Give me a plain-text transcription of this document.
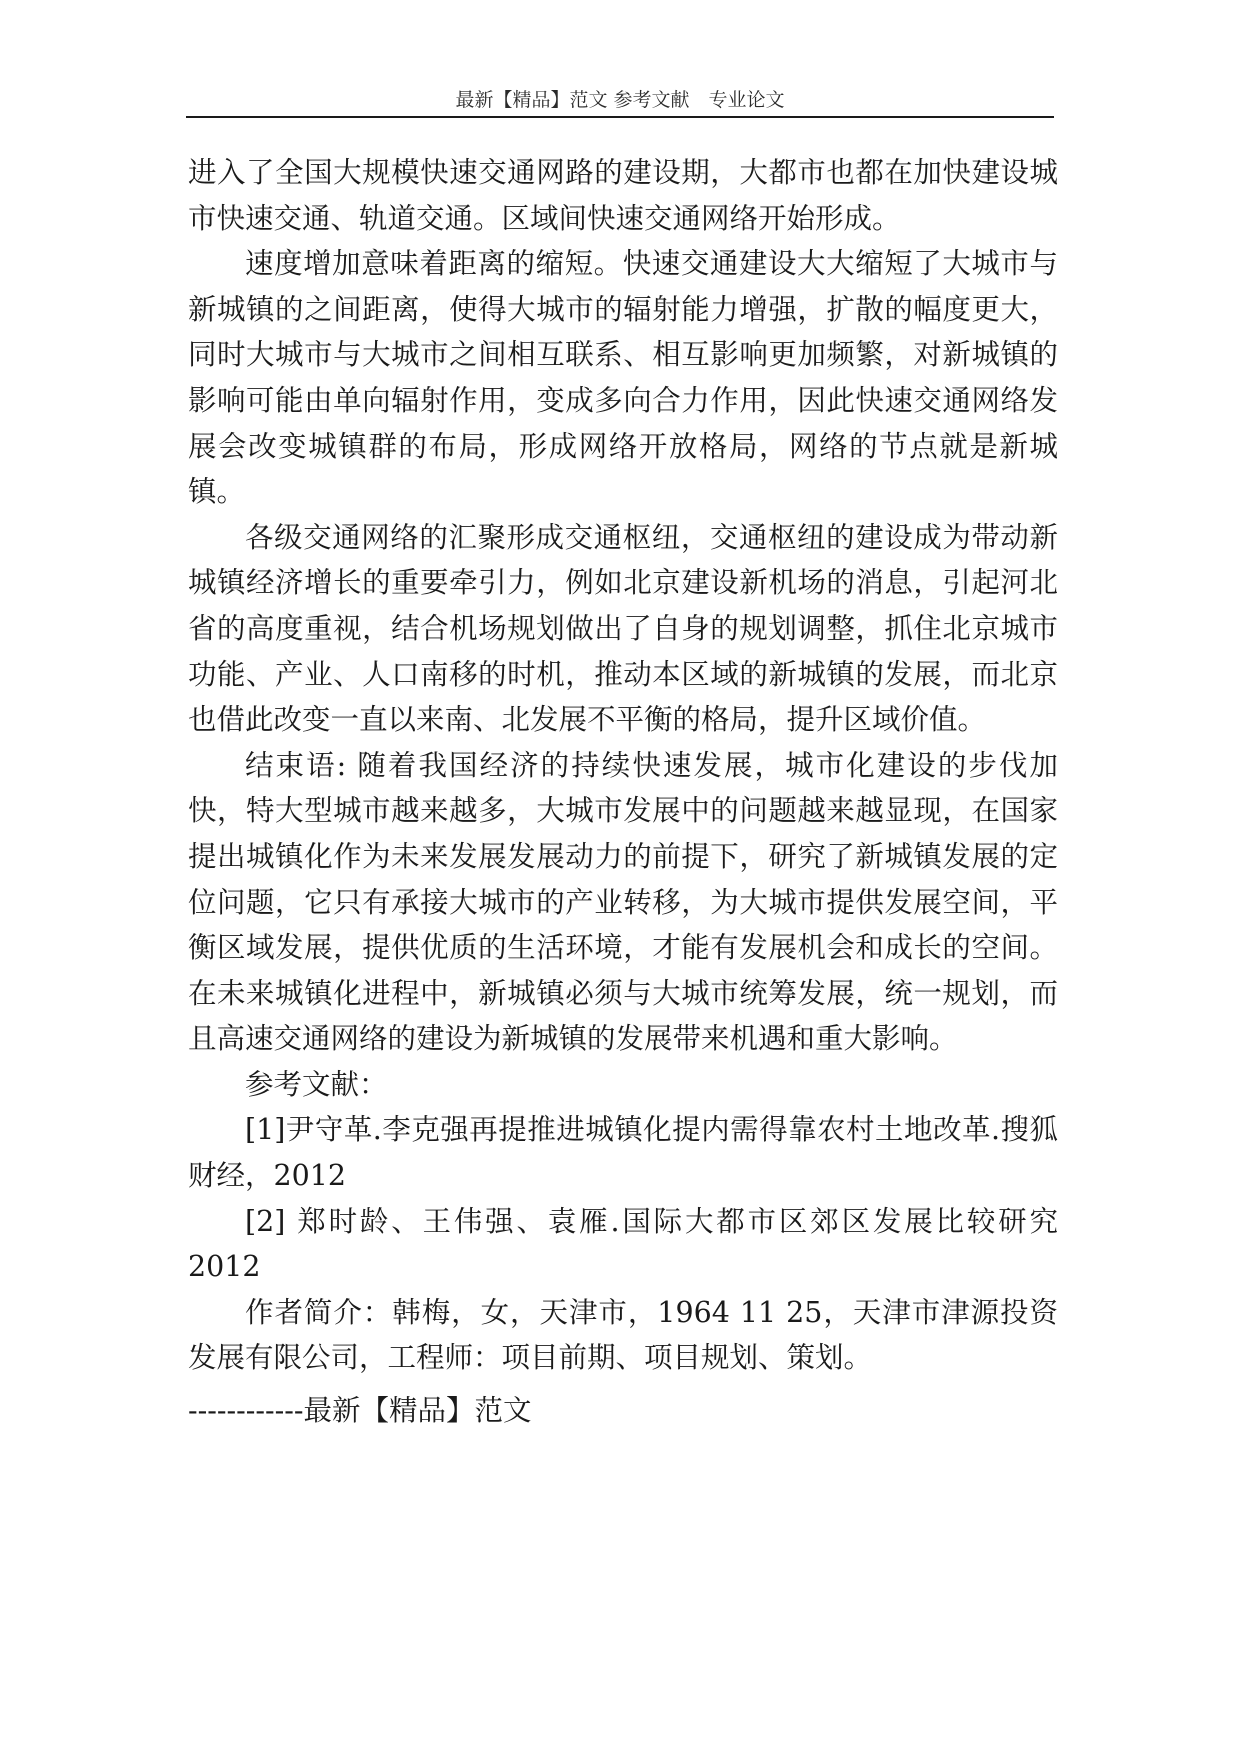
最新【精品】范文 参考文献　专业论文

进入了全国大规模快速交通网路的建设期，大都市也都在加快建设城市快速交通、轨道交通。区域间快速交通网络开始形成。

速度增加意味着距离的缩短。快速交通建设大大缩短了大城市与新城镇的之间距离，使得大城市的辐射能力增强，扩散的幅度更大，同时大城市与大城市之间相互联系、相互影响更加频繁，对新城镇的影响可能由单向辐射作用，变成多向合力作用，因此快速交通网络发展会改变城镇群的布局，形成网络开放格局，网络的节点就是新城镇。

各级交通网络的汇聚形成交通枢纽，交通枢纽的建设成为带动新城镇经济增长的重要牵引力，例如北京建设新机场的消息，引起河北省的高度重视，结合机场规划做出了自身的规划调整，抓住北京城市功能、产业、人口南移的时机，推动本区域的新城镇的发展，而北京也借此改变一直以来南、北发展不平衡的格局，提升区域价值。

结束语: 随着我国经济的持续快速发展，城市化建设的步伐加快，特大型城市越来越多，大城市发展中的问题越来越显现，在国家提出城镇化作为未来发展发展动力的前提下，研究了新城镇发展的定位问题，它只有承接大城市的产业转移，为大城市提供发展空间，平衡区域发展，提供优质的生活环境，才能有发展机会和成长的空间。在未来城镇化进程中，新城镇必须与大城市统筹发展，统一规划，而且高速交通网络的建设为新城镇的发展带来机遇和重大影响。

参考文献：

[1]尹守革.李克强再提推进城镇化提内需得靠农村土地改革.搜狐财经，2012

[2] 郑时龄、王伟强、袁雁.国际大都市区郊区发展比较研究 2012

作者简介：韩梅，女，天津市，1964 11 25，天津市津源投资发展有限公司，工程师：项目前期、项目规划、策划。

------------最新【精品】范文
